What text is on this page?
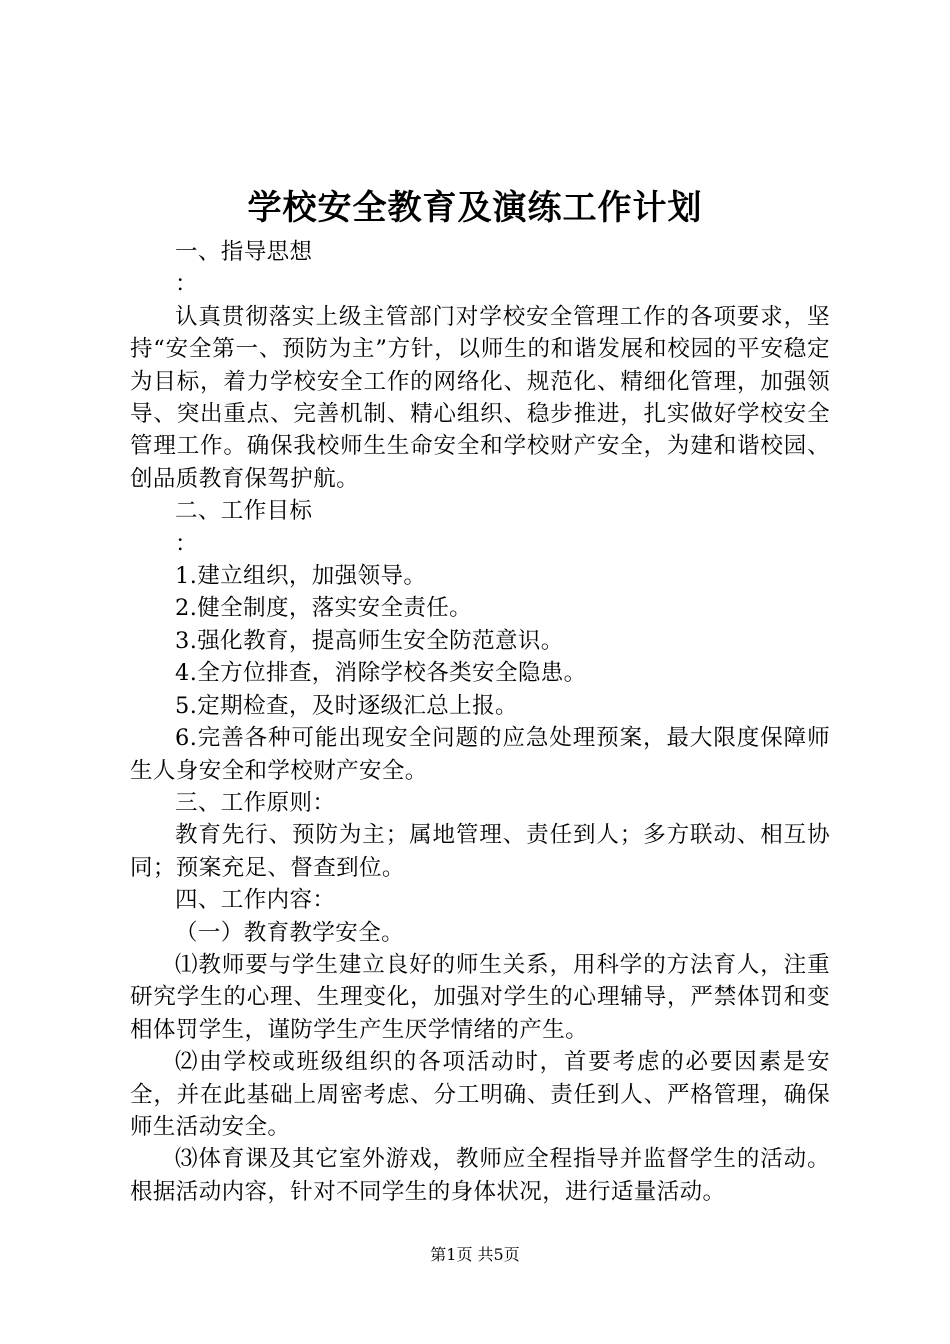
学校安全教育及演练工作计划

一、指导思想

：

认真贯彻落实上级主管部门对学校安全管理工作的各项要求，坚持“安全第一、预防为主”方针，以师生的和谐发展和校园的平安稳定为目标，着力学校安全工作的网络化、规范化、精细化管理，加强领导、突出重点、完善机制、精心组织、稳步推进，扎实做好学校安全管理工作。确保我校师生生命安全和学校财产安全，为建和谐校园、创品质教育保驾护航。

二、工作目标

：

1.建立组织，加强领导。

2.健全制度，落实安全责任。

3.强化教育，提高师生安全防范意识。

4.全方位排查，消除学校各类安全隐患。

5.定期检查，及时逐级汇总上报。

6.完善各种可能出现安全问题的应急处理预案，最大限度保障师生人身安全和学校财产安全。

三、工作原则：

教育先行、预防为主；属地管理、责任到人；多方联动、相互协同；预案充足、督查到位。

四、工作内容：

（一）教育教学安全。

⑴教师要与学生建立良好的师生关系，用科学的方法育人，注重研究学生的心理、生理变化，加强对学生的心理辅导，严禁体罚和变相体罚学生，谨防学生产生厌学情绪的产生。

⑵由学校或班级组织的各项活动时，首要考虑的必要因素是安全，并在此基础上周密考虑、分工明确、责任到人、严格管理，确保师生活动安全。

⑶体育课及其它室外游戏，教师应全程指导并监督学生的活动。根据活动内容，针对不同学生的身体状况，进行适量活动。

第1页 共5页
